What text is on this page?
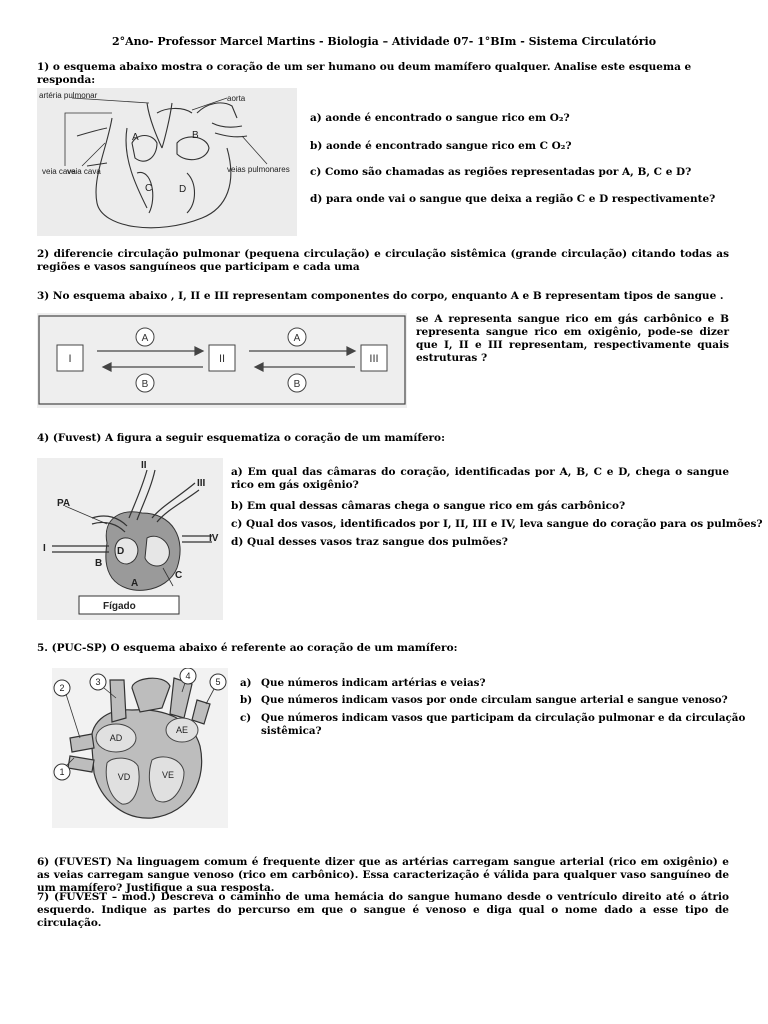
2°Ano- Professor Marcel Martins - Biologia – Atividade 07- 1°BIm - Sistema Circulatório
1) o esquema abaixo mostra o coração de um ser humano ou deum mamífero qualquer. Analise este esquema e responda:
artéria pulmonar	aorta
veia cava
veia cava	veias pulmonares
A	B
C	D
a) aonde é encontrado o sangue rico em O₂?
b) aonde é encontrado sangue rico em C O₂?
c) Como são chamadas as regiões representadas por A, B, C e D?
d) para onde vai o sangue que deixa a região C e D respectivamente?
2) diferencie circulação pulmonar (pequena circulação) e circulação sistêmica (grande circulação) citando todas as regiões e vasos sanguíneos que participam e cada uma
3) No esquema abaixo , I, II e III representam componentes do corpo, enquanto A e B representam tipos de sangue .
I	II	III
A
B
A
B
se A representa sangue rico em gás carbônico e B representa sangue rico em oxigênio, pode-se dizer que I, II e III representam, respectivamente quais estruturas ?
4) (Fuvest) A figura a seguir esquematiza o coração de um mamífero:
II
III
PA
I	D
B
A
IV
C
Fígado
a) Em qual das câmaras do coração, identificadas por A, B, C e D, chega o sangue rico em gás oxigênio?
b) Em qual dessas câmaras chega o sangue rico em gás carbônico?
c) Qual dos vasos, identificados por I, II, III e IV, leva sangue do coração para os pulmões?
d) Qual desses vasos traz sangue dos pulmões?
5. (PUC-SP) O esquema abaixo é referente ao coração de um mamífero:
1
2
3
4
5
AD
AE
VD	VE
a) Que números indicam artérias e veias?
b) Que números indicam vasos por onde circulam sangue arterial e sangue venoso?
c) Que números indicam vasos que participam da circulação pulmonar e da circulação sistêmica?
6) (FUVEST) Na linguagem comum é frequente dizer que as artérias carregam sangue arterial (rico em oxigênio) e as veias carregam sangue venoso (rico em carbônico). Essa caracterização é válida para qualquer vaso sanguíneo de um mamífero? Justifique a sua resposta.
7) (FUVEST – mod.) Descreva o caminho de uma hemácia do sangue humano desde o ventrículo direito até o átrio esquerdo. Indique as partes do percurso em que o sangue é venoso e diga qual o nome dado a esse tipo de circulação.
